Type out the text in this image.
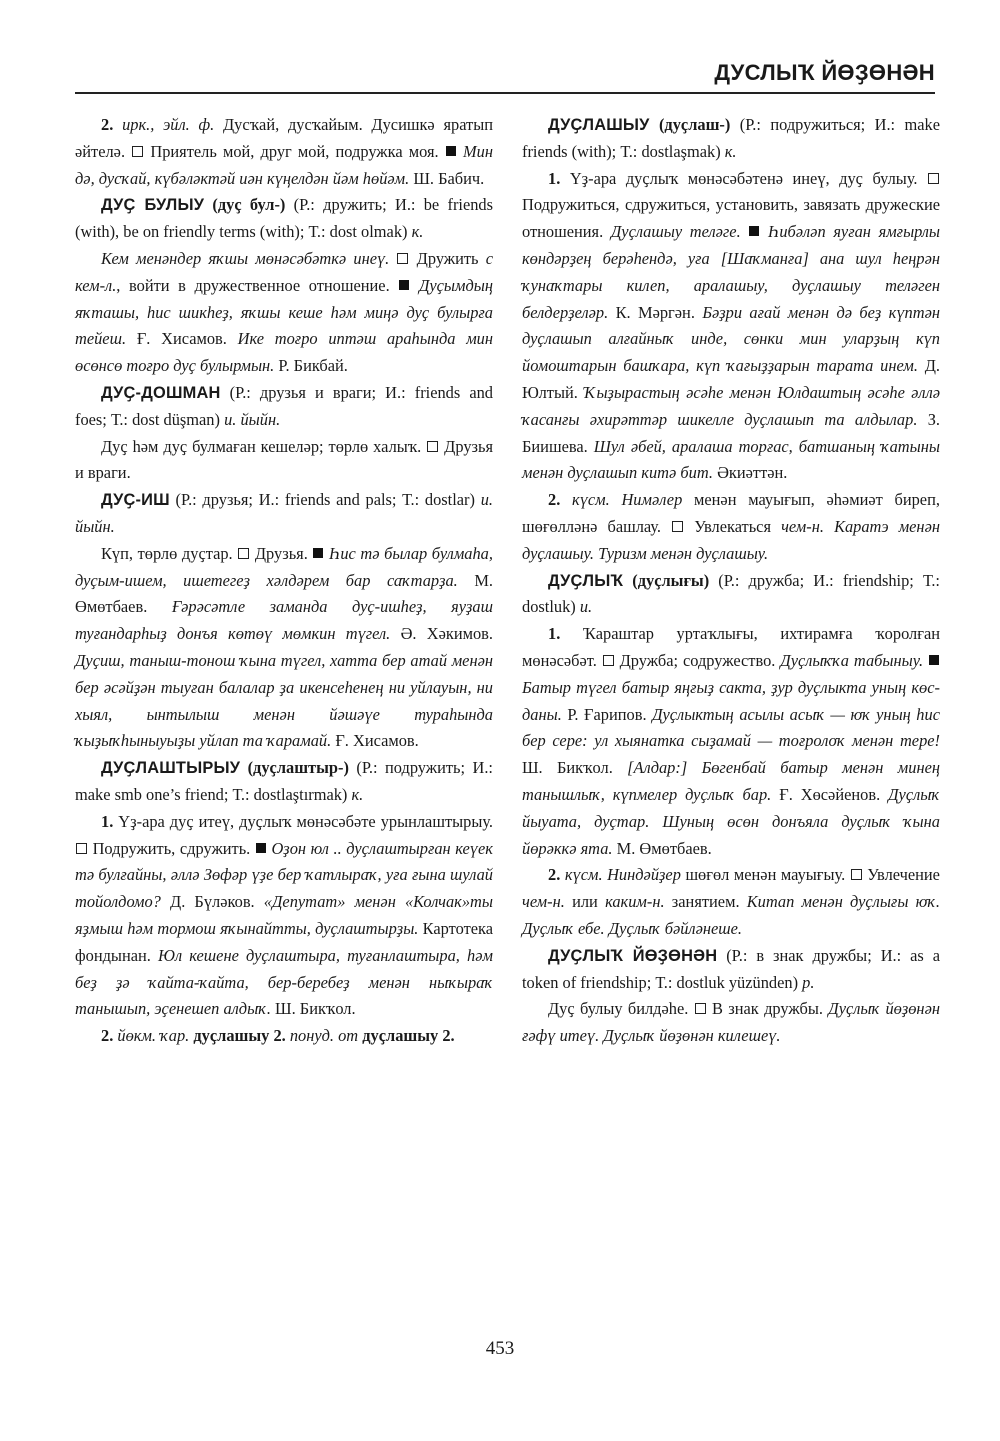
ДУСЛЫҠ ЙӨҘӨНӘН

2. ирк., эйл. ф. Дусҡай, дусҡайым. Дусишкә яратып әйтелә. Приятель мой, друг мой, подружка моя. Мин дә, дусҡай, күбәләктәй иән күңелдән йәм һөйәм. Ш. Бабич.

ДУҪ БУЛЫУ (дуҫ бул-) (Р.: дружить; И.: be friends (with), be on friendly terms (with); Т.: dost olmak) к.

Кем менәндер яҡшы мөнәсәбәткә инеү. Дружить с кем-л., войти в дружественное отношение. Дуҫымдың яҡташы, һис шикһеҙ, яҡшы кеше һәм миңә дуҫ булырға тейеш. Ғ. Хисамов. Ике тоғро иптәш араһында мин өсөнсө тоғро дуҫ булырмын. Р. Бикбай.

ДУҪ-ДОШМАН (Р.: друзья и враги; И.: friends and foes; Т.: dost düşman) и. йыйн.

Дуҫ һәм дуҫ булмаған кешеләр; төрлө халыҡ. Друзья и враги.

ДУҪ-ИШ (Р.: друзья; И.: friends and pals; Т.: dostlar) и. йыйн.

Күп, төрлө дуҫтар. Друзья. Һис тә былар булмаһа, дуҫым-ишем, ишетегеҙ хәлдәрем бар саҡтарҙа. М. Өмөтбаев. Ғәрәсәтле заманда дуҫ-ишһеҙ, яуҙаш туғандарһыҙ донъя көтөү мөмкин түгел. Ә. Хәкимов. Дуҫиш, таныш-тонош ҡына түгел, хатта бер атай менән бер әсәйҙән тыуған балалар ҙа икенсеһенең ни уйлауын, ни хыял, ынтылыш менән йәшәүе тураһында ҡыҙыҡһыныуыҙы уйлап та ҡарамай. Ғ. Хисамов.

ДУҪЛАШТЫРЫУ (дуҫлаштыр-) (Р.: подружить; И.: make smb one’s friend; Т.: dostlaştırmak) к.

1. Үҙ-ара дуҫ итеү, дуҫлыҡ мөнәсәбәте урынлаштырыу.  Подружить, сдружить. Оҙон юл .. дуҫлаштырған кеүек тә булғайны, әллә Зөфәр үҙе бер ҡатлыраҡ, уға ғына шулай тойолдомо? Д. Бүләков. «Депутат» менән «Колчак»ты яҙмыш һәм тормош яҡынайтты, дуҫлаштырҙы. Картотека фондынан. Юл кешене дуҫлаштыра, туғанлаштыра, һәм беҙ ҙә ҡайта-ҡайта, бер-беребеҙ менән ныҡыраҡ танышып, эҫенешеп алдыҡ. Ш. Бикҡол.

2. йөкм. ҡар. дуҫлашыу 2. понуд. от дуҫлашыу 2.

ДУҪЛАШЫУ (дуҫлаш-) (Р.: подружиться; И.: make friends (with); Т.: dostlaşmak) к.

1. Үҙ-ара дуҫлыҡ мөнәсәбәтенә инеү, дуҫ булыу.  Подружиться, сдружиться, установить, завязать дружеские отношения. Дуҫлашыу теләге. Һибәләп яуған ямғырлы көндәрҙең берәһендә, уға [Шаҡманға] ана шул һеңрән ҡунаҡтары килеп, аралашыу, дуҫлашыу теләген белдерҙеләр. К. Мәргән. Бәҙри ағай менән дә беҙ күптән дуҫлашып алғайныҡ инде, сөнки мин уларҙың күп йомоштарын башҡара, күп ҡағыҙҙарын тарата инем. Д. Юлтый. Ҡыҙырастың әсәһе менән Юлдаштың әсәһе әллә ҡасанғы әхирәттәр шикелле дуҫлашып та алдылар. З. Биишева. Шул әбей, аралаша торғас, батшаның ҡатыны менән дуҫлашып китә бит. Әкиәттән.

2. күсм. Нимәлер менән мауығып, әһәмиәт биреп, шөғөлләнә башлау. Увлекаться чем-н. Каратэ менән дуҫлашыу. Туризм менән дуҫлашыу.

ДУҪЛЫҠ (дуҫлығы) (Р.: дружба; И.: friendship; Т.: dostluk) и.

1. Ҡараштар уртаҡлығы, ихтирамға ҡоролған мөнәсәбәт. Дружба; содружество. Дуҫлыҡҡа табыныу.  Батыр түгел батыр яңғыҙ сакта, ҙур дуҫлыкта уның көс-даны. Р. Ғарипов. Дуҫлыктың асылы асыҡ — юҡ уның һис бер сере: ул хыянатка сыҙамай — тоғролоҡ менән тере! Ш. Бикҡол. [Алдар:] Бөгенбай батыр менән минең танышлыҡ, күпмелер дуҫлыҡ бар. Ғ. Хөсәйенов. Дуҫлыҡ йыуата, дуҫтар. Шуның өсөн донъяла дуҫлыҡ ҡына йөрәккә ята. М. Өмөтбаев.

2. күсм. Ниндәйҙер шөғөл менән мауығыу. Увлечение чем-н. или каким-н. занятием. Китап менән дуҫлығы юҡ. Дуҫлыҡ ебе. Дуҫлыҡ бәйләнеше.

ДУҪЛЫҠ ЙӨҘӨНӘН (Р.: в знак дружбы; И.: as a token of friendship; Т.: dostluk yüzünden) р.

Дуҫ булыу билдәһе. В знак дружбы. Дуҫлыҡ йөҙөнән ғәфү итеү. Дуҫлыҡ йөҙөнән килешеү.

453
